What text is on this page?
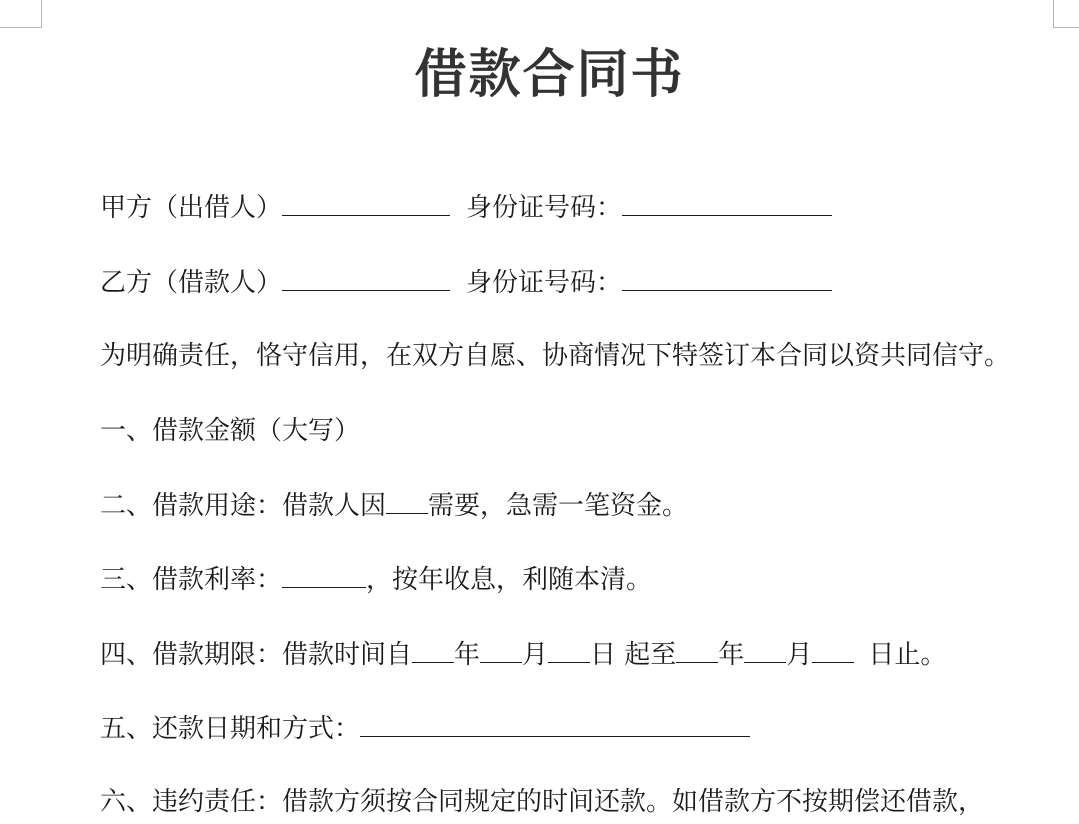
借款合同书
甲方（出借人）	身份证号码：
乙方（借款人）	身份证号码：
为明确责任，恪守信用，在双方自愿、协商情况下特签订本合同以资共同信守。
一、借款金额（大写）
二、借款用途：借款人因 需要，急需一笔资金。
三、借款利率：	，按年收息，利随本清。
四、借款期限：借款时间自 年 月 日 起至 年 月 日止。
五、还款日期和方式：
六、违约责任：借款方须按合同规定的时间还款。如借款方不按期偿还借款，
